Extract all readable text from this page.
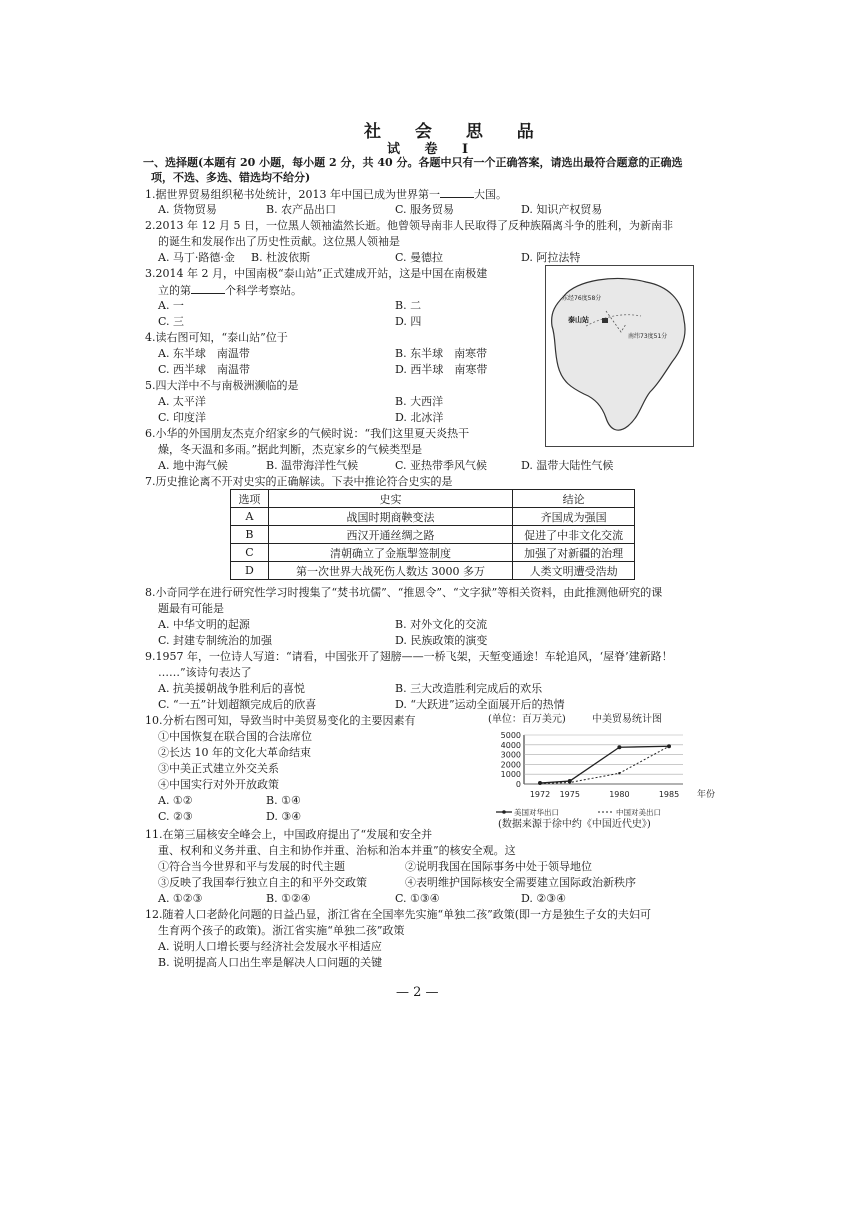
社 会 思 品
试 卷 Ⅰ
一、选择题(本题有 20 小题，每小题 2 分，共 40 分。各题中只有一个正确答案，请选出最符合题意的正确选
项，不选、多选、错选均不给分)
1.据世界贸易组织秘书处统计，2013 年中国已成为世界第一	大国。
A. 货物贸易	B. 农产品出口	C. 服务贸易	D. 知识产权贸易
2.2013 年 12 月 5 日，一位黑人领袖溘然长逝。他曾领导南非人民取得了反种族隔离斗争的胜利，为新南非
的诞生和发展作出了历史性贡献。这位黑人领袖是
A. 马丁·路德·金 B. 杜波依斯	C. 曼德拉	D. 阿拉法特
3.2014 年 2 月，中国南极“泰山站”正式建成开站，这是中国在南极建
立的第	个科学考察站。
A. 一	B. 二
C. 三	D. 四
4.读右图可知，“泰山站”位于
A. 东半球　南温带	B. 东半球　南寒带
C. 西半球　南温带	D. 西半球　南寒带
5.四大洋中不与南极洲濒临的是
A. 太平洋	B. 大西洋
C. 印度洋	D. 北冰洋
6.小华的外国朋友杰克介绍家乡的气候时说：“我们这里夏天炎热干
燥，冬天温和多雨。”据此判断，杰克家乡的气候类型是
A. 地中海气候	B. 温带海洋性气候	C. 亚热带季风气候	D. 温带大陆性气候
东经76度58分
泰山站
南纬73度51分
7.历史推论离不开对史实的正确解读。下表中推论符合史实的是
选项	史实	结论
A	战国时期商鞅变法	齐国成为强国
B	西汉开通丝绸之路	促进了中非文化交流
C	清朝确立了金瓶掣签制度	加强了对新疆的治理
D	第一次世界大战死伤人数达 3000 多万	人类文明遭受浩劫
8.小奇同学在进行研究性学习时搜集了“焚书坑儒”、“推恩令”、“文字狱”等相关资料，由此推测他研究的课
题最有可能是
A. 中华文明的起源	B. 对外文化的交流
C. 封建专制统治的加强	D. 民族政策的演变
9.1957 年，一位诗人写道：“请看，中国张开了翅膀——一桥飞架，天堑变通途！车轮追风，‘屋脊’建新路！
……”该诗句表达了
A. 抗美援朝战争胜利后的喜悦	B. 三大改造胜利完成后的欢乐
C. “一五”计划超额完成后的欣喜	D. “大跃进”运动全面展开后的热情
10.分析右图可知，导致当时中美贸易变化的主要因素有
①中国恢复在联合国的合法席位
②长达 10 年的文化大革命结束
③中美正式建立外交关系
④中国实行对外开放政策
A. ①②	B. ①④
C. ②③	D. ③④
(单位：百万美元)	中美贸易统计图
0
1000
2000
3000
4000
5000
1972 1975	1980	1985 年份
美国对华出口	中国对美出口
(数据来源于徐中约《中国近代史》)
11.在第三届核安全峰会上，中国政府提出了“发展和安全并
重、权利和义务并重、自主和协作并重、治标和治本并重”的核安全观。这
①符合当今世界和平与发展的时代主题	②说明我国在国际事务中处于领导地位
③反映了我国奉行独立自主的和平外交政策	④表明维护国际核安全需要建立国际政治新秩序
A. ①②③	B. ①②④	C. ①③④	D. ②③④
12.随着人口老龄化问题的日益凸显，浙江省在全国率先实施“单独二孩”政策(即一方是独生子女的夫妇可
生育两个孩子的政策)。浙江省实施“单独二孩”政策
A. 说明人口增长要与经济社会发展水平相适应
B. 说明提高人口出生率是解决人口问题的关键
— 2 —
